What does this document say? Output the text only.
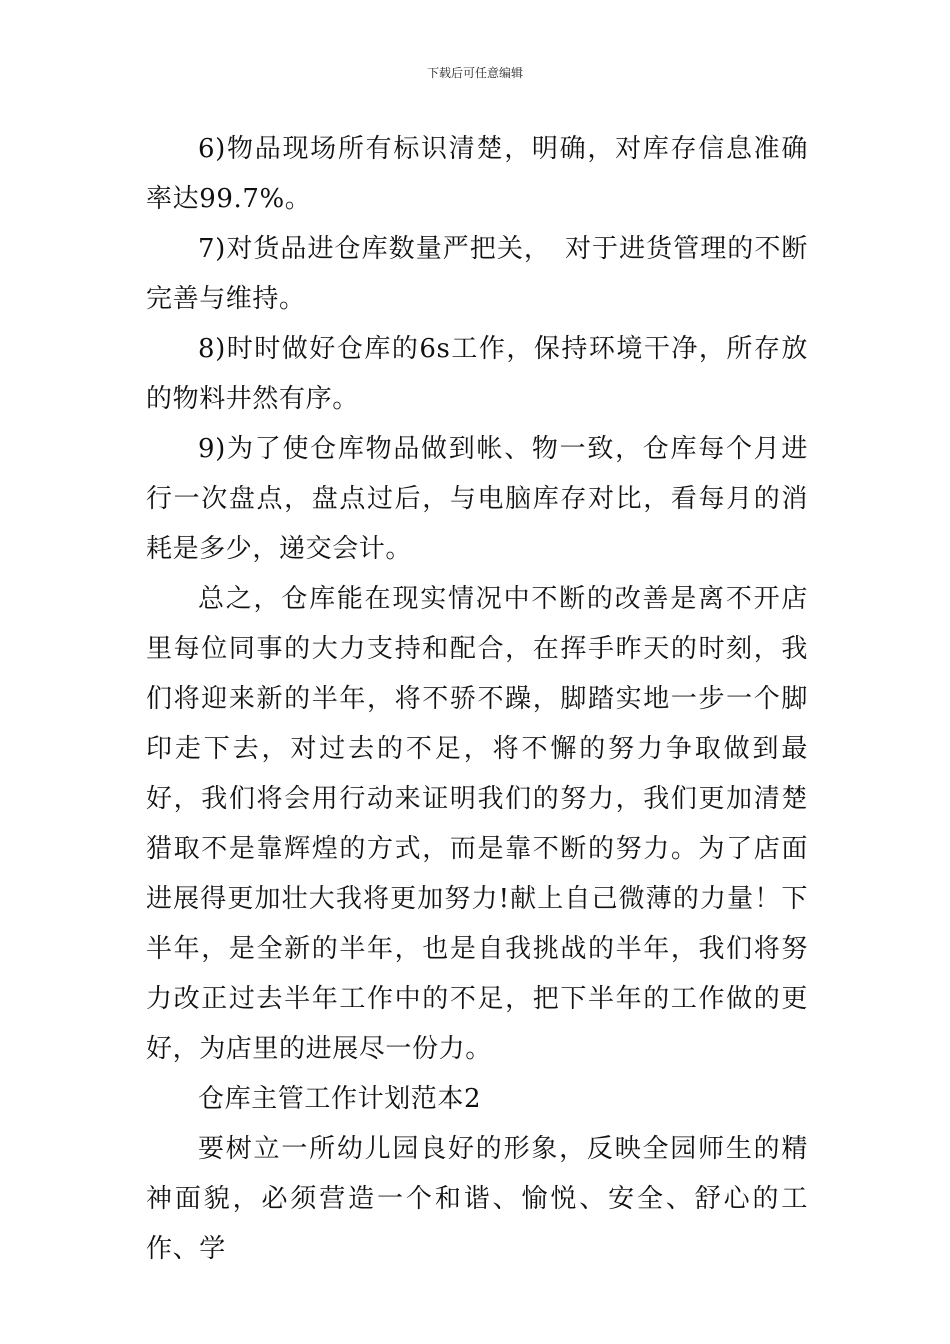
下载后可任意编辑

6)物品现场所有标识清楚，明确，对库存信息准确率达99.7%。

7)对货品进仓库数量严把关，　对于进货管理的不断完善与维持。

8)时时做好仓库的6s工作，保持环境干净，所存放的物料井然有序。

9)为了使仓库物品做到帐、物一致，仓库每个月进行一次盘点，盘点过后，与电脑库存对比，看每月的消耗是多少，递交会计。

总之，仓库能在现实情况中不断的改善是离不开店里每位同事的大力支持和配合，在挥手昨天的时刻，我们将迎来新的半年，将不骄不躁，脚踏实地一步一个脚印走下去，对过去的不足，将不懈的努力争取做到最好，我们将会用行动来证明我们的努力，我们更加清楚猎取不是靠辉煌的方式，而是靠不断的努力。为了店面进展得更加壮大我将更加努力!献上自己微薄的力量！下半年，是全新的半年，也是自我挑战的半年，我们将努力改正过去半年工作中的不足，把下半年的工作做的更好，为店里的进展尽一份力。

仓库主管工作计划范本2

要树立一所幼儿园良好的形象，反映全园师生的精神面貌，必须营造一个和谐、愉悦、安全、舒心的工作、学
